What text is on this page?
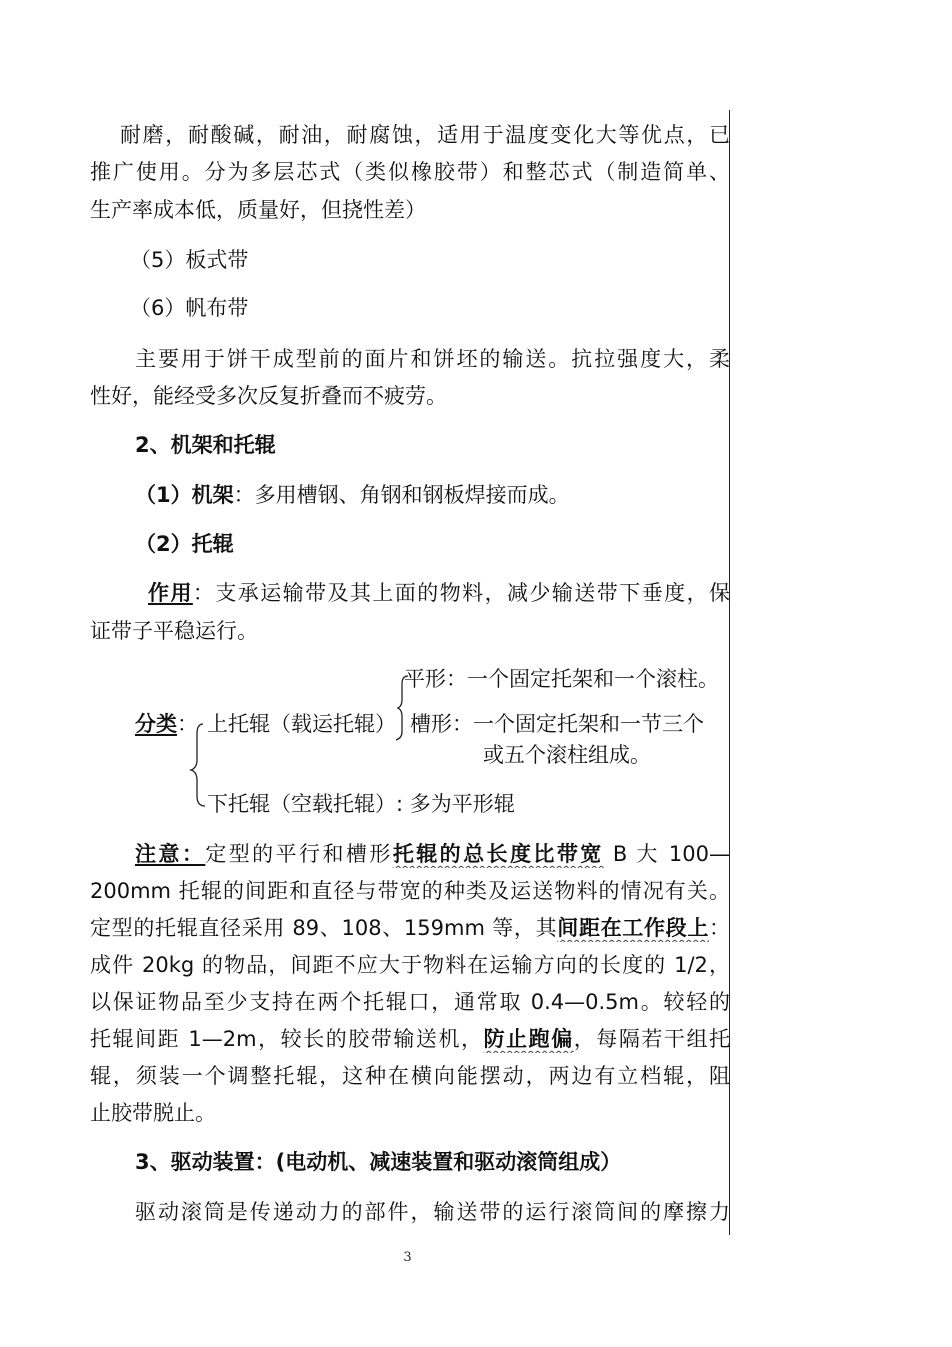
耐磨，耐酸碱，耐油，耐腐蚀，适用于温度变化大等优点，已
推广使用。分为多层芯式（类似橡胶带）和整芯式（制造简单、
生产率成本低，质量好，但挠性差）
（5）板式带
（6）帆布带
主要用于饼干成型前的面片和饼坯的输送。抗拉强度大，柔
性好，能经受多次反复折叠而不疲劳。
2、机架和托辊
（1）机架：多用槽钢、角钢和钢板焊接而成。
（2）托辊
作用：支承运输带及其上面的物料，减少输送带下垂度，保
证带子平稳运行。
平形：一个固定托架和一个滚柱。
分类： 上托辊（载运托辊） 槽形：一个固定托架和一节三个
或五个滚柱组成。
下托辊（空载托辊）: 多为平形辊
注意：定型的平行和槽形托辊的总长度比带宽 B 大 100—
200mm 托辊的间距和直径与带宽的种类及运送物料的情况有关。
定型的托辊直径采用 89、108、159mm 等，其间距在工作段上：
成件 20kg 的物品，间距不应大于物料在运输方向的长度的 1/2，
以保证物品至少支持在两个托辊口，通常取 0.4—0.5m。较轻的
托辊间距 1—2m，较长的胶带输送机，防止跑偏，每隔若干组托
辊，须装一个调整托辊，这种在横向能摆动，两边有立档辊，阻
止胶带脱止。
3、驱动装置：(电动机、减速装置和驱动滚筒组成）
驱动滚筒是传递动力的部件，输送带的运行滚筒间的摩擦力
3
